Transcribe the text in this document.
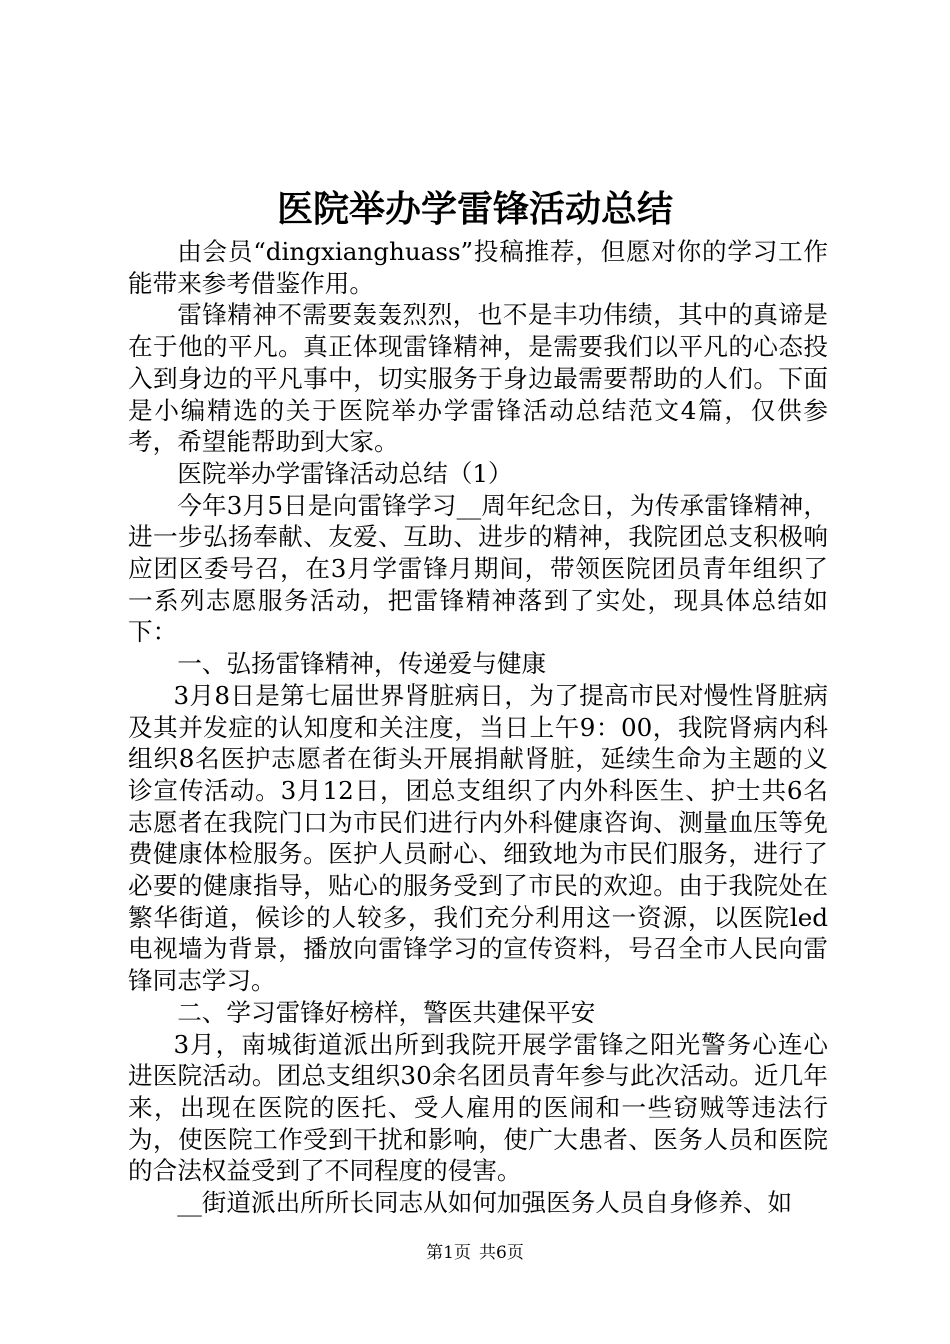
医院举办学雷锋活动总结

由会员“dingxianghuass”投稿推荐，但愿对你的学习工作能带来参考借鉴作用。

雷锋精神不需要轰轰烈烈，也不是丰功伟绩，其中的真谛是在于他的平凡。真正体现雷锋精神，是需要我们以平凡的心态投入到身边的平凡事中，切实服务于身边最需要帮助的人们。下面是小编精选的关于医院举办学雷锋活动总结范文4篇，仅供参考，希望能帮助到大家。

医院举办学雷锋活动总结（1）

今年3月5日是向雷锋学习__周年纪念日，为传承雷锋精神，进一步弘扬奉献、友爱、互助、进步的精神，我院团总支积极响应团区委号召，在3月学雷锋月期间，带领医院团员青年组织了一系列志愿服务活动，把雷锋精神落到了实处，现具体总结如下：

一、弘扬雷锋精神，传递爱与健康

3月8日是第七届世界肾脏病日，为了提高市民对慢性肾脏病及其并发症的认知度和关注度，当日上午9：00，我院肾病内科组织8名医护志愿者在街头开展捐献肾脏，延续生命为主题的义诊宣传活动。3月12日，团总支组织了内外科医生、护士共6名志愿者在我院门口为市民们进行内外科健康咨询、测量血压等免费健康体检服务。医护人员耐心、细致地为市民们服务，进行了必要的健康指导，贴心的服务受到了市民的欢迎。由于我院处在繁华街道，候诊的人较多，我们充分利用这一资源，以医院led电视墙为背景，播放向雷锋学习的宣传资料，号召全市人民向雷锋同志学习。

二、学习雷锋好榜样，警医共建保平安

3月，南城街道派出所到我院开展学雷锋之阳光警务心连心进医院活动。团总支组织30余名团员青年参与此次活动。近几年来，出现在医院的医托、受人雇用的医闹和一些窃贼等违法行为，使医院工作受到干扰和影响，使广大患者、医务人员和医院的合法权益受到了不同程度的侵害。

__街道派出所所长同志从如何加强医务人员自身修养、如

第1页 共6页
